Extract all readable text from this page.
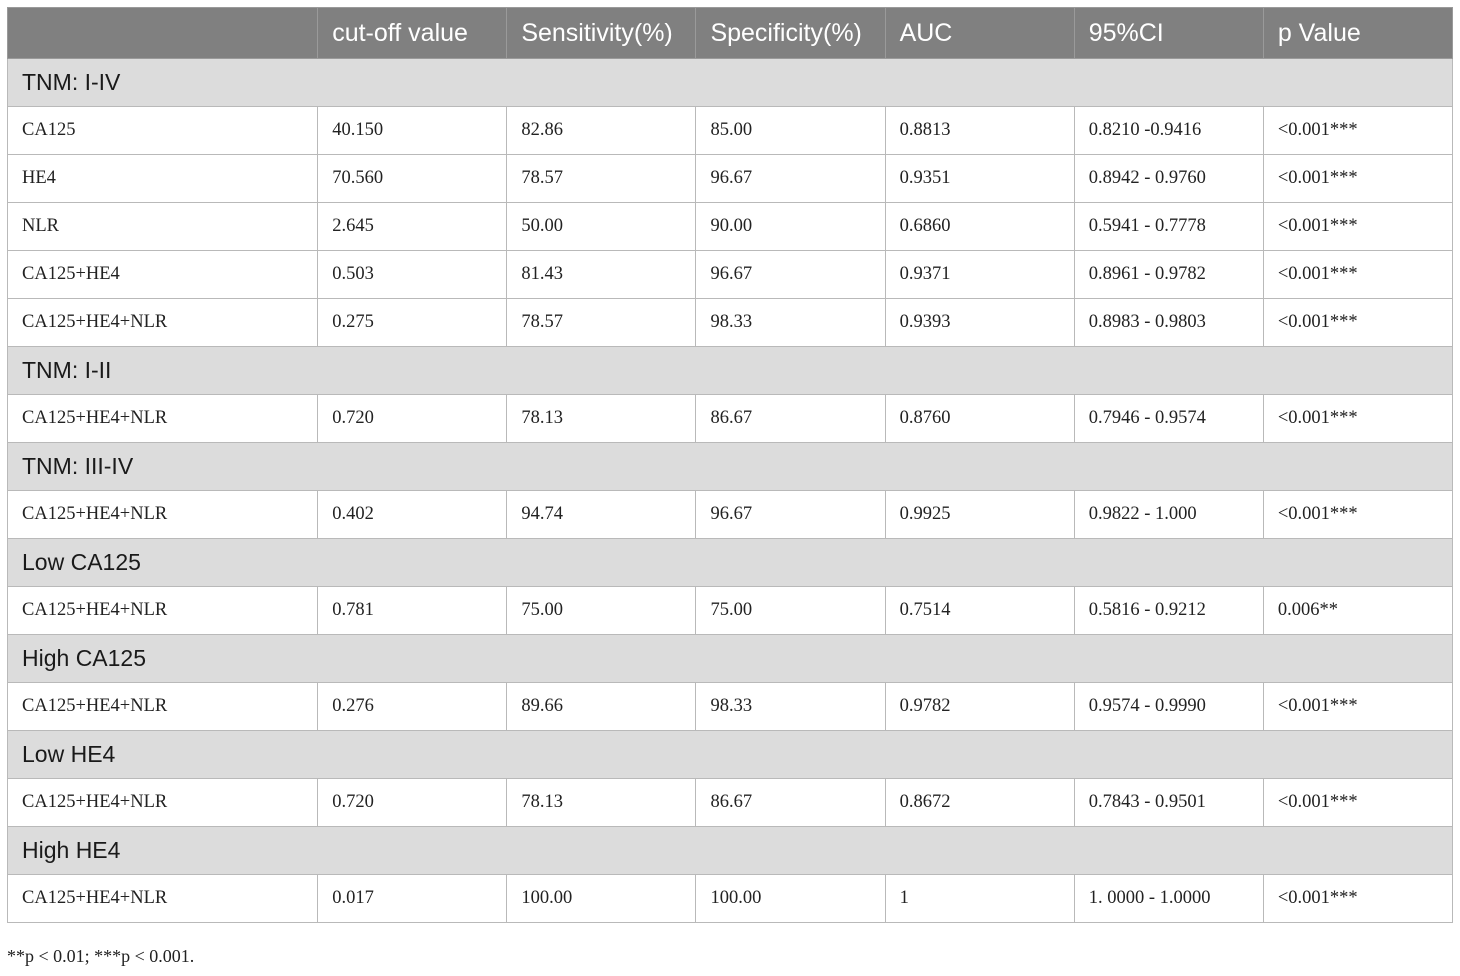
	cut-off value	Sensitivity(%)	Specificity(%)	AUC	95%CI	p Value
TNM: I-IV						
CA125	40.150	82.86	85.00	0.8813	0.8210 -0.9416	<0.001***
HE4	70.560	78.57	96.67	0.9351	0.8942 - 0.9760	<0.001***
NLR	2.645	50.00	90.00	0.6860	0.5941 - 0.7778	<0.001***
CA125+HE4	0.503	81.43	96.67	0.9371	0.8961 - 0.9782	<0.001***
CA125+HE4+NLR	0.275	78.57	98.33	0.9393	0.8983 - 0.9803	<0.001***
TNM: I-II						
CA125+HE4+NLR	0.720	78.13	86.67	0.8760	0.7946 - 0.9574	<0.001***
TNM: III-IV						
CA125+HE4+NLR	0.402	94.74	96.67	0.9925	0.9822 - 1.000	<0.001***
Low CA125						
CA125+HE4+NLR	0.781	75.00	75.00	0.7514	0.5816 - 0.9212	0.006**
High CA125						
CA125+HE4+NLR	0.276	89.66	98.33	0.9782	0.9574 - 0.9990	<0.001***
Low HE4						
CA125+HE4+NLR	0.720	78.13	86.67	0.8672	0.7843 - 0.9501	<0.001***
High HE4						
CA125+HE4+NLR	0.017	100.00	100.00	1	1. 0000 - 1.0000	<0.001***
**p < 0.01; ***p < 0.001.
